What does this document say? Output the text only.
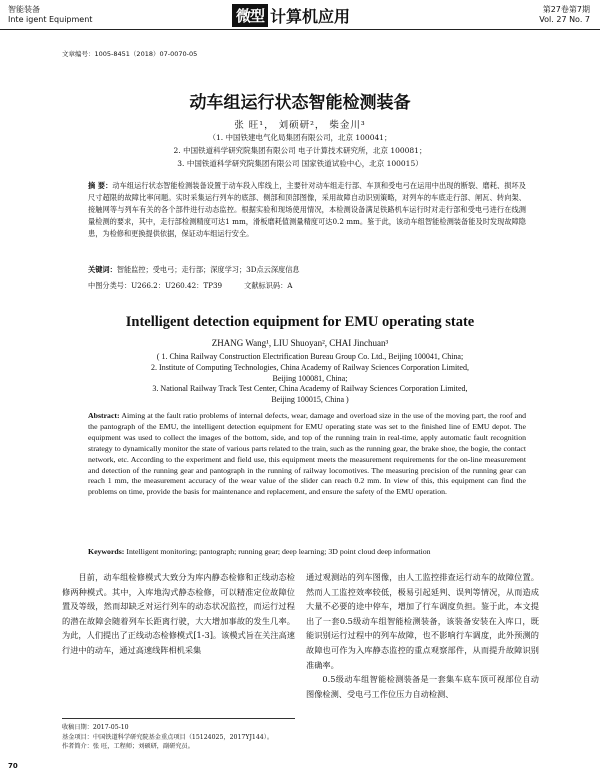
智能装备
Inte igent Equipment	微型 计算机应用	第27卷第7期
Vol. 27 No. 7
文章编号：1005-8451（2018）07-0070-05
动车组运行状态智能检测装备
张 旺¹， 刘硕研²， 柴金川³
（1. 中国铁建电气化局集团有限公司，北京 100041；
2. 中国铁道科学研究院集团有限公司 电子计算技术研究所，北京 100081；
3. 中国铁道科学研究院集团有限公司 国家铁道试验中心，北京 100015）
摘 要：动车组运行状态智能检测装备设置于动车段入库线上，主要针对动车组走行部、车顶和受电弓在运用中出现的断裂、磨耗、损坏及尺寸超限的故障比率问题。实时采集运行列车的底部、侧部和顶部图像，采用故障自动识别策略，对列车的车底走行部、闸瓦、转向架、接触网等与列车有关的各个部件进行动态监控。根据实验和现场使用情况，本检测设备满足铁路机车运行时对走行部和受电弓进行在线测量检测的要求，其中，走行部检测精度可达1 mm，滑板磨耗值测量精度可达0.2 mm。鉴于此，该动车组智能检测装备能及时发现故障隐患，为检修和更换提供依据，保证动车组运行安全。
关键词：智能监控；受电弓；走行部；深度学习；3D点云深度信息
中图分类号：U266.2：U260.42：TP39	文献标识码：A
Intelligent detection equipment for EMU operating state
ZHANG Wang¹, LIU Shuoyan², CHAI Jinchuan³
( 1. China Railway Construction Electrification Bureau Group Co. Ltd., Beijing 100041, China;
2. Institute of Computing Technologies, China Academy of Railway Sciences Corporation Limited,
Beijing 100081, China;
3. National Railway Track Test Center, China Academy of Railway Sciences Corporation Limited,
Beijing 100015, China )
Abstract: Aiming at the fault ratio problems of internal defects, wear, damage and overload size in the use of the moving part, the roof and the pantograph of the EMU, the intelligent detection equipment for EMU operating state was set to the finished line of EMU depot. The equipment was used to collect the images of the bottom, side, and top of the running train in real-time, apply automatic fault recognition strategy to dynamically monitor the state of various parts related to the train, such as the running gear, the brake shoe, the bogie, the contact network, etc. According to the experiment and field use, this equipment meets the measurement requirements for the on-line measurement and detection of the running gear and pantograph in the running of railway locomotives. The measuring precision of the running gear can reach 1 mm, the measurement accuracy of the wear value of the slider can reach 0.2 mm. In view of this, this equipment can find the problems on time, provide the basis for maintenance and replacement, and ensure the safety of the EMU operation.
Keywords: Intelligent monitoring; pantograph; running gear; deep learning; 3D point cloud deep information

目前，动车组检修模式大致分为库内静态检修和正线动态检修两种模式。其中，入库地沟式静态检修，可以精准定位故障位置及等级，然而却缺乏对运行列车的动态状况监控，而运行过程的潜在故障会随着列车长距离行驶，大大增加事故的发生几率。为此，人们提出了正线动态检修模式[1-3]。该模式旨在关注高速行进中的动车，通过高速线阵相机采集

通过观测站的列车图像，由人工监控排查运行动车的故障位置。然而人工监控效率较低，极易引起延判、误判等情况，从而造成大量不必要的途中停车，增加了行车调度负担。鉴于此，本文提出了一套0.5级动车组智能检测装备，该装备安装在入库口，既能识别运行过程中的列车故障，也不影响行车调度，此外预测的故障也可作为入库静态监控的重点观察部件，从而提升故障识别准确率。

0.5级动车组智能检测装备是一套集车底车顶可视部位自动图像检测、受电弓工作位压力自动检测、

收稿日期：2017-05-10
基金项目：中国铁道科学研究院基金重点项目（15124025，2017YJ144）。
作者简介：张 旺，工程师；刘硕研，副研究员。
70
